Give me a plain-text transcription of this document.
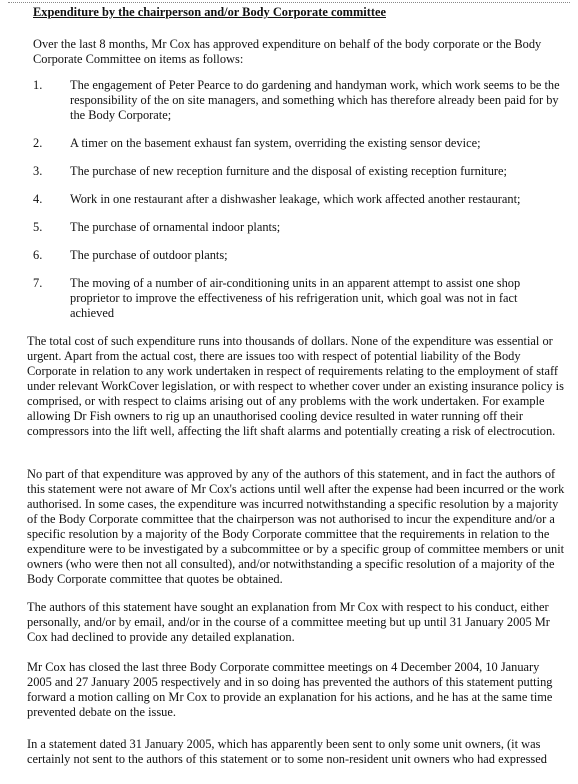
Expenditure by the chairperson and/or Body Corporate committee

Over the last 8 months, Mr Cox has approved expenditure on behalf of the body corporate or the Body Corporate Committee on items as follows:

1. The engagement of Peter Pearce to do gardening and handyman work, which work seems to be the responsibility of the on site managers, and something which has therefore already been paid for by the Body Corporate;
2. A timer on the basement exhaust fan system, overriding the existing sensor device;
3. The purchase of new reception furniture and the disposal of existing reception furniture;
4. Work in one restaurant after a dishwasher leakage, which work affected another restaurant;
5. The purchase of ornamental indoor plants;
6. The purchase of outdoor plants;
7. The moving of a number of air-conditioning units in an apparent attempt to assist one shop proprietor to improve the effectiveness of his refrigeration unit, which goal was not in fact achieved

The total cost of such expenditure runs into thousands of dollars. None of the expenditure was essential or urgent. Apart from the actual cost, there are issues too with respect of potential liability of the Body Corporate in relation to any work undertaken in respect of requirements relating to the employment of staff under relevant WorkCover legislation, or with respect to whether cover under an existing insurance policy is comprised, or with respect to claims arising out of any problems with the work undertaken. For example allowing Dr Fish owners to rig up an unauthorised cooling device resulted in water running off their compressors into the lift well, affecting the lift shaft alarms and potentially creating a risk of electrocution.

No part of that expenditure was approved by any of the authors of this statement, and in fact the authors of this statement were not aware of Mr Cox's actions until well after the expense had been incurred or the work authorised. In some cases, the expenditure was incurred notwithstanding a specific resolution by a majority of the Body Corporate committee that the chairperson was not authorised to incur the expenditure and/or a specific resolution by a majority of the Body Corporate committee that the requirements in relation to the expenditure were to be investigated by a subcommittee or by a specific group of committee members or unit owners (who were then not all consulted), and/or notwithstanding a specific resolution of a majority of the Body Corporate committee that quotes be obtained.

The authors of this statement have sought an explanation from Mr Cox with respect to his conduct, either personally, and/or by email, and/or in the course of a committee meeting but up until 31 January 2005 Mr Cox had declined to provide any detailed explanation.

Mr Cox has closed the last three Body Corporate committee meetings on 4 December 2004, 10 January 2005 and 27 January 2005 respectively and in so doing has prevented the authors of this statement putting forward a motion calling on Mr Cox to provide an explanation for his actions, and he has at the same time prevented debate on the issue.

In a statement dated 31 January 2005, which has apparently been sent to only some unit owners, (it was certainly not sent to the authors of this statement or to some non-resident unit owners who had expressed
